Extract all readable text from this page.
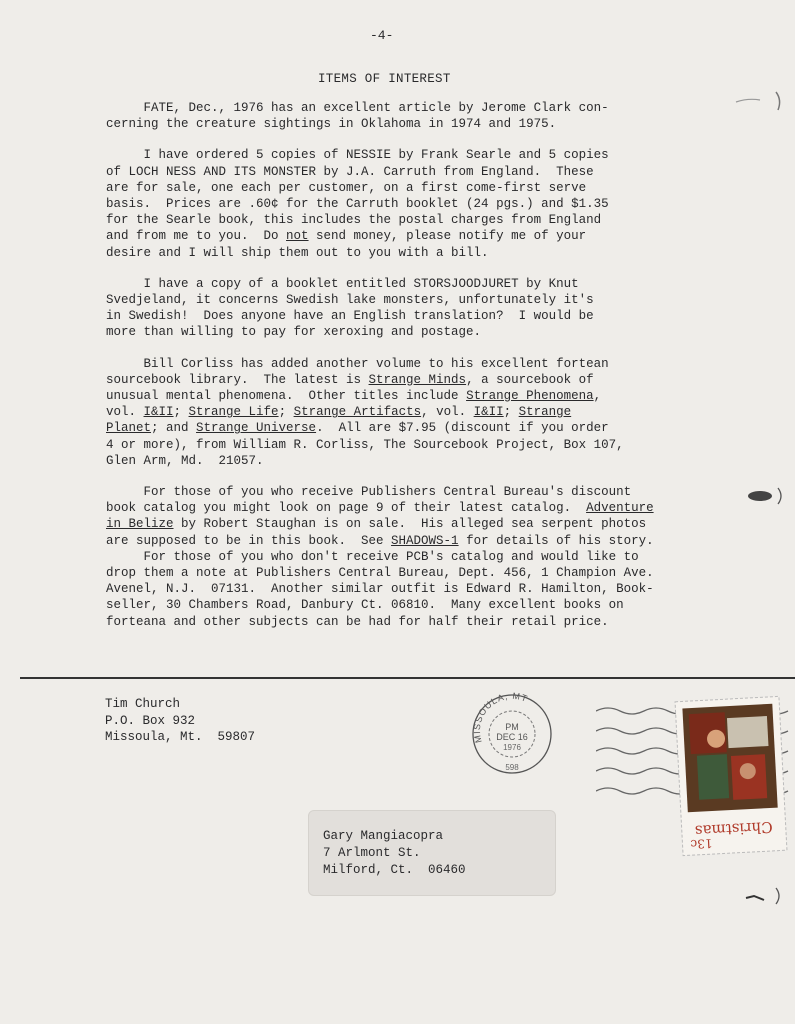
-4-
ITEMS OF INTEREST

FATE, Dec., 1976 has an excellent article by Jerome Clark con-

cerning the creature sightings in Oklahoma in 1974 and 1975.

I have ordered 5 copies of NESSIE by Frank Searle and 5 copies

of LOCH NESS AND ITS MONSTER by J.A. Carruth from England.  These

are for sale, one each per customer, on a first come-first serve

basis.  Prices are .60¢ for the Carruth booklet (24 pgs.) and $1.35

for the Searle book, this includes the postal charges from England

and from me to you.  Do not send money, please notify me of your

desire and I will ship them out to you with a bill.

I have a copy of a booklet entitled STORSJOODJURET by Knut

Svedjeland, it concerns Swedish lake monsters, unfortunately it's

in Swedish!  Does anyone have an English translation?  I would be

more than willing to pay for xeroxing and postage.

Bill Corliss has added another volume to his excellent fortean

sourcebook library.  The latest is Strange Minds, a sourcebook of

unusual mental phenomena.  Other titles include Strange Phenomena,

vol. I&II; Strange Life; Strange Artifacts, vol. I&II; Strange

Planet; and Strange Universe.  All are $7.95 (discount if you order

4 or more), from William R. Corliss, The Sourcebook Project, Box 107,

Glen Arm, Md.  21057.

For those of you who receive Publishers Central Bureau's discount

book catalog you might look on page 9 of their latest catalog.  Adventure

in Belize by Robert Staughan is on sale.  His alleged sea serpent photos

are supposed to be in this book.  See SHADOWS-1 for details of his story.

For those of you who don't receive PCB's catalog and would like to

drop them a note at Publishers Central Bureau, Dept. 456, 1 Champion Ave.

Avenel, N.J.  07131.  Another similar outfit is Edward R. Hamilton, Book-

seller, 30 Chambers Road, Danbury Ct. 06810.  Many excellent books on

forteana and other subjects can be had for half their retail price.

Tim Church
P.O. Box 932
Missoula, Mt.  59807	MISSOULA, MT
PM
DEC 16
1976
598
Christmas
13c
Gary Mangiacopra
7 Arlmont St.
Milford, Ct.  06460
